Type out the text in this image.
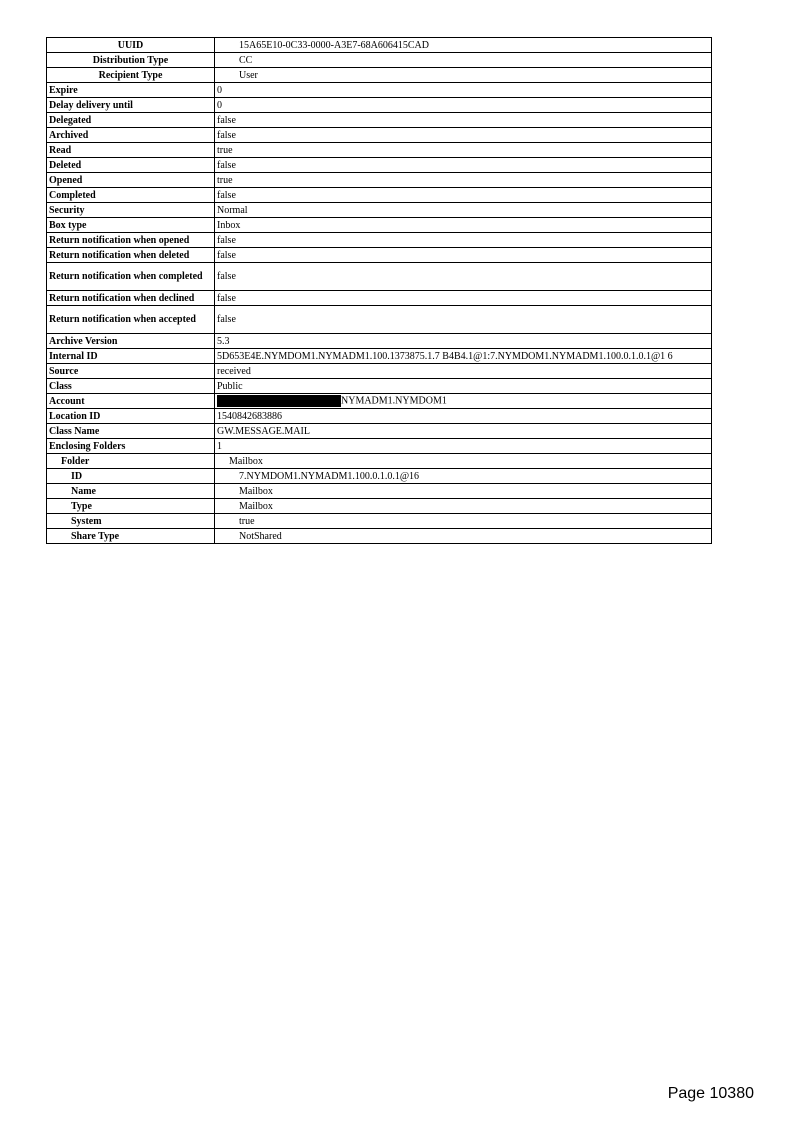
UUID	15A65E10-0C33-0000-A3E7-68A606415CAD
Distribution Type	CC
Recipient Type	User
Expire	0
Delay delivery until	0
Delegated	false
Archived	false
Read	true
Deleted	false
Opened	true
Completed	false
Security	Normal
Box type	Inbox
Return notification when opened	false
Return notification when deleted	false
Return notification when completed	false
Return notification when declined	false
Return notification when accepted	false
Archive Version	5.3
Internal ID	5D653E4E.NYMDOM1.NYMADM1.100.1373875.1.7 B4B4.1@1:7.NYMDOM1.NYMADM1.100.0.1.0.1@1 6
Source	received
Class	Public
Account	NYMADM1.NYMDOM1
Location ID	1540842683886
Class Name	GW.MESSAGE.MAIL
Enclosing Folders	1
Folder	Mailbox
ID	7.NYMDOM1.NYMADM1.100.0.1.0.1@16
Name	Mailbox
Type	Mailbox
System	true
Share Type	NotShared
Page 10380
